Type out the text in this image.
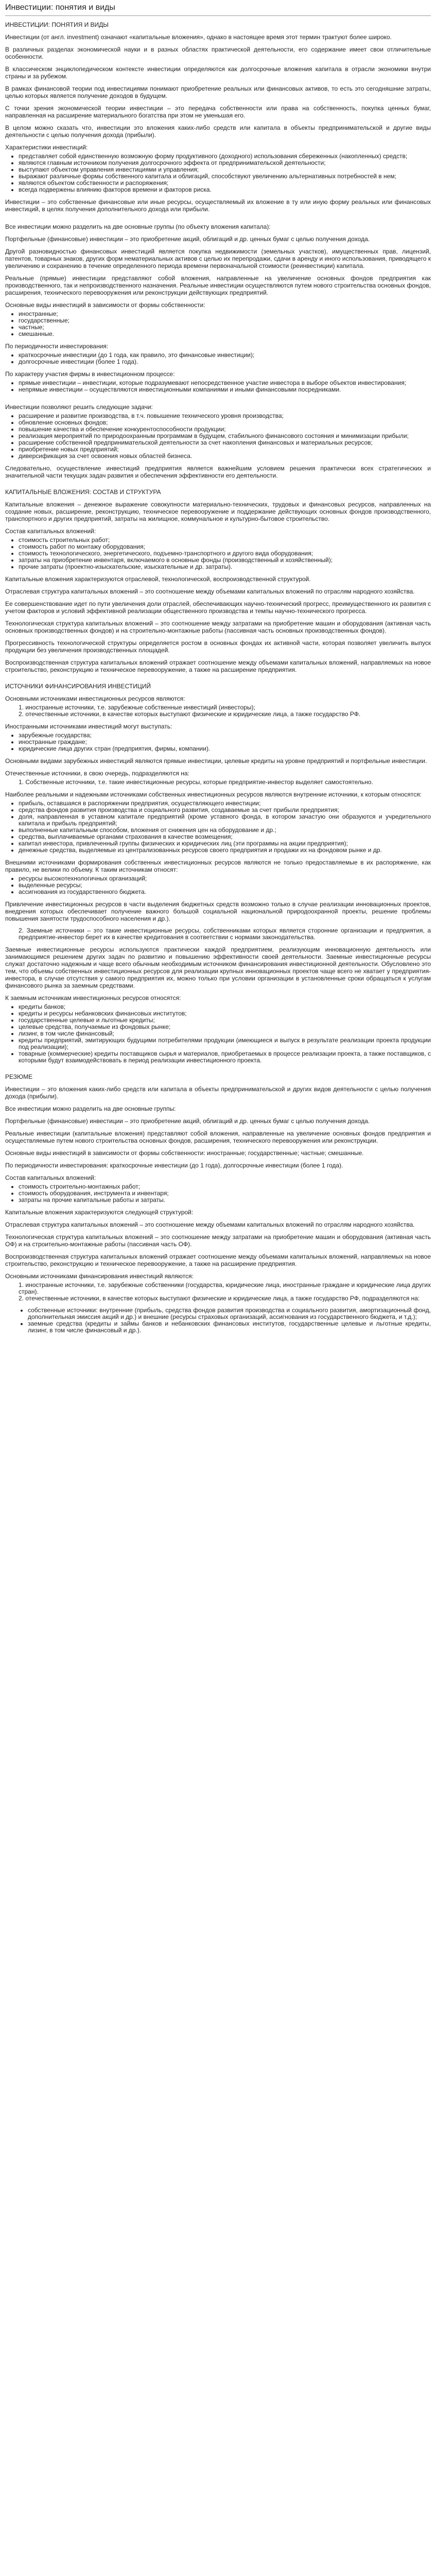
Инвестиции: понятия и виды

ИНВЕСТИЦИИ: ПОНЯТИЯ И ВИДЫ

Инвестиции (от англ. investment) означают «капитальные вложения», однако в настоящее время этот термин трактуют более широко.

В различных разделах экономической науки и в разных областях практической деятельности, его содержание имеет свои отличительные особенности.

В классическом энциклопедическом контексте инвестиции определяются как долгосрочные вложения капитала в отрасли экономики внутри страны и за рубежом.

В рамках финансовой теории под инвестициями понимают приобретение реальных или финансовых активов, то есть это сегодняшние затраты, целью которых является получение доходов в будущем.

С точки зрения экономической теории инвестиции – это передача собственности или права на собственность, покупка ценных бумаг, направленная на расширение материального богатства при этом не уменьшая его.

В целом можно сказать что, инвестиции это вложения каких-либо средств или капитала в объекты предпринимательской и другие виды деятельности с целью получения дохода (прибыли).

Характеристики инвестиций:

• представляет собой единственную возможную форму продуктивного (доходного) использования сбереженных (накопленных) средств;
• являются главным источником получения долгосрочного эффекта от предпринимательской деятельности;
• выступают объектом управления инвестициями и управления;
• выражают различные формы собственного капитала и облигаций, способствуют увеличению альтернативных потребностей в нем;
• являются объектом собственности и распоряжения;
• всегда подвержены влиянию факторов времени и факторов риска.

Инвестиции – это собственные финансовые или иные ресурсы, осуществляемый их вложение в ту или иную форму реальных или финансовых инвестиций, в целях получения дополнительного дохода или прибыли.

Все инвестиции можно разделить на две основные группы (по объекту вложения капитала):

Портфельные (финансовые) инвестиции – это приобретение акций, облигаций и др. ценных бумаг с целью получения дохода.

Другой разновидностью финансовых инвестиций является покупка недвижимости (земельных участков), имущественных прав, лицензий, патентов, товарных знаков, других форм нематериальных активов с целью их перепродажи, сдачи в аренду и иного использования, приводящего к увеличению и сохранению в течение определенного периода времени первоначальной стоимости (реинвестиции) капитала.

Реальные (прямые) инвестиции представляют собой вложения, направленные на увеличение основных фондов предприятия как производственного, так и непроизводственного назначения. Реальные инвестиции осуществляются путем нового строительства основных фондов, расширения, технического перевооружения или реконструкции действующих предприятий.

Основные виды инвестиций в зависимости от формы собственности:

• иностранные;
• государственные;
• частные;
• смешанные.

По периодичности инвестирования:

• краткосрочные инвестиции (до 1 года, как правило, это финансовые инвестиции);
• долгосрочные инвестиции (более 1 года).

По характеру участия фирмы в инвестиционном процессе:

• прямые инвестиции – инвестиции, которые подразумевают непосредственное участие инвестора в выборе объектов инвестирования;
• непрямые инвестиции – осуществляются инвестиционными компаниями и иными финансовыми посредниками.

Инвестиции позволяют решить следующие задачи:

• расширение и развитие производства, в т.ч. повышение технического уровня производства;
• обновление основных фондов;
• повышение качества и обеспечение конкурентоспособности продукции;
• реализация мероприятий по природоохранным программам в будущем, стабильного финансового состояния и минимизации прибыли;
• расширение собственной предпринимательской деятельности за счет накопления финансовых и материальных ресурсов;
• приобретение новых предприятий;
• диверсификация за счет освоения новых областей бизнеса.

Следовательно, осуществление инвестиций предприятия является важнейшим условием решения практически всех стратегических и значительной части текущих задач развития и обеспечения эффективности его деятельности.

КАПИТАЛЬНЫЕ ВЛОЖЕНИЯ: СОСТАВ И СТРУКТУРА

Капитальные вложения – денежное выражение совокупности материально-технических, трудовых и финансовых ресурсов, направленных на создание новых, расширение, реконструкцию, техническое перевооружение и поддержание действующих основных фондов производственного, транспортного и других предприятий, затраты на жилищное, коммунальное и культурно-бытовое строительство.

Состав капитальных вложений:

• стоимость строительных работ;
• стоимость работ по монтажу оборудования;
• стоимость технологического, энергетического, подъемно-транспортного и другого вида оборудования;
• затраты на приобретение инвентаря, включаемого в основные фонды (производственный и хозяйственный);
• прочие затраты (проектно-изыскательские, изыскательные и др. затраты).

Капитальные вложения характеризуются отраслевой, технологической, воспроизводственной структурой.

Отраслевая структура капитальных вложений – это соотношение между объемами капитальных вложений по отраслям народного хозяйства.

Ее совершенствование идет по пути увеличения доли отраслей, обеспечивающих научно-технический прогресс, преимущественного их развития с учетом факторов и условий эффективной реализации общественного производства и темпы научно-технического прогресса.

Технологическая структура капитальных вложений – это соотношение между затратами на приобретение машин и оборудования (активная часть основных производственных фондов) и на строительно-монтажные работы (пассивная часть основных производственных фондов).

Прогрессивность технологической структуры определяется ростом в основных фондах их активной части, которая позволяет увеличить выпуск продукции без увеличения производственных площадей.

Воспроизводственная структура капитальных вложений отражает соотношение между объемами капитальных вложений, направляемых на новое строительство, реконструкцию и техническое перевооружение, а также на расширение предприятия.

ИСТОЧНИКИ ФИНАНСИРОВАНИЯ ИНВЕСТИЦИЙ

Основными источниками инвестиционных ресурсов являются:

1. иностранные источники, т.е. зарубежные собственные инвестиций (инвесторы);
2. отечественные источники, в качестве которых выступают физические и юридические лица, а также государство РФ.

Иностранными источниками инвестиций могут выступать:

• зарубежные государства;
• иностранные граждане;
• юридические лица других стран (предприятия, фирмы, компании).

Основными видами зарубежных инвестиций являются прямые инвестиции, целевые кредиты на уровне предприятий и портфельные инвестиции.

Отечественные источники, в свою очередь, подразделяются на:

1. Собственные источники, т.е. такие инвестиционные ресурсы, которые предприятие-инвестор выделяет самостоятельно.

Наиболее реальными и надежными источниками собственных инвестиционных ресурсов являются внутренние источники, к которым относятся:

• прибыль, оставшаяся в распоряжении предприятия, осуществляющего инвестиции;
• средства фондов развития производства и социального развития, создаваемые за счет прибыли предприятия;
• доля, направленная в уставном капитале предприятий (кроме уставного фонда, в котором зачастую они образуются и учредительного капитала и прибыль предприятий;
• выполненные капитальным способом, вложения от снижения цен на оборудование и др.;
• средства, выплачиваемые органами страхования в качестве возмещения;
• капитал инвестора, привлеченный группы физических и юридических лиц (эти программы на акции предприятия);
• денежные средства, выделяемые из централизованных ресурсов своего предприятия и продажи их на фондовом рынке и др.

Внешними источниками формирования собственных инвестиционных ресурсов являются не только предоставляемые в их распоряжение, как правило, не велики по объему. К таким источникам относят:

• ресурсы высокотехнологичных организаций;
• выделенные ресурсы;
• ассигнования из государственного бюджета.

Привлечение инвестиционных ресурсов в части выделения бюджетных средств возможно только в случае реализации инновационных проектов, внедрения которых обеспечивает получение важного большой социальной национальной природоохранной проекты, решение проблемы повышения занятости трудоспособного населения и др.).

2. Заемные источники – это такие инвестиционные ресурсы, собственниками которых является сторонние организации и предприятия, а предприятие-инвестор берет их в качестве кредитования в соответствии с нормами законодательства.

Заемные инвестиционные ресурсы используются практически каждой предприятием, реализующим инновационную деятельность или занимающимся решением других задач по развитию и повышению эффективности своей деятельности. Заемные инвестиционные ресурсы служат достаточно надежным и чаще всего обычным необходимым источником финансирования инвестиционной деятельности. Обусловлено это тем, что объемы собственных инвестиционных ресурсов для реализации крупных инновационных проектов чаще всего не хватает у предприятия-инвестора, в случае отсутствия у самого предприятия их, можно только при условии организации в установленные сроки обращаться к услугам финансового рынка за заемным средствами.

К заемным источникам инвестиционных ресурсов относятся:

• кредиты банков;
• кредиты и ресурсы небанковских финансовых институтов;
• государственные целевые и льготные кредиты;
• целевые средства, получаемые из фондовых рынке;
• лизинг, в том числе финансовый;
• кредиты предприятий, эмитирующих будущими потребителями продукции (имеющиеся и выпуск в результате реализации проекта продукции под реализации);
• товарные (коммерческие) кредиты поставщиков сырья и материалов, приобретаемых в процессе реализации проекта, а также поставщиков, с которыми будут взаимодействовать в период реализации инвестиционного проекта.

РЕЗЮМЕ

Инвестиции – это вложения каких-либо средств или капитала в объекты предпринимательской и других видов деятельности с целью получения дохода (прибыли).

Все инвестиции можно разделить на две основные группы:

Портфельные (финансовые) инвестиции – это приобретение акций, облигаций и др. ценных бумаг с целью получения дохода.

Реальные инвестиции (капитальные вложения) представляют собой вложения, направленные на увеличение основных фондов предприятия и осуществляемые путем нового строительства основных фондов, расширения, технического перевооружения или реконструкции.

Основные виды инвестиций в зависимости от формы собственности: иностранные; государственные; частные; смешанные.

По периодичности инвестирования: краткосрочные инвестиции (до 1 года), долгосрочные инвестиции (более 1 года).

Состав капитальных вложений:

• стоимость строительно-монтажных работ;
• стоимость оборудования, инструмента и инвентаря;
• затраты на прочие капитальные работы и затраты.

Капитальные вложения характеризуются следующей структурой:

Отраслевая структура капитальных вложений – это соотношение между объемами капитальных вложений по отраслям народного хозяйства.

Технологическая структура капитальных вложений – это соотношение между затратами на приобретение машин и оборудования (активная часть ОФ) и на строительно-монтажные работы (пассивная часть ОФ).

Воспроизводственная структура капитальных вложений отражает соотношение между объемами капитальных вложений, направляемых на новое строительство, реконструкцию и техническое перевооружение, а также на расширение предприятия.

Основными источниками финансирования инвестиций являются:

1. иностранные источники, т.е. зарубежные собственники (государства, юридические лица, иностранные граждане и юридические лица других стран).
2. отечественные источники, в качестве которых выступают физические и юридические лица, а также государство РФ, подразделяются на:
• собственные источники: внутренние (прибыль, средства фондов развития производства и социального развития, амортизационный фонд, дополнительная эмиссия акций и др.) и внешние (ресурсы страховых организаций, ассигнования из государственного бюджета, и т.д.);
• заемные средства (кредиты и займы банков и небанковских финансовых институтов, государственные целевые и льготные кредиты, лизинг, в том числе финансовый и др.).
